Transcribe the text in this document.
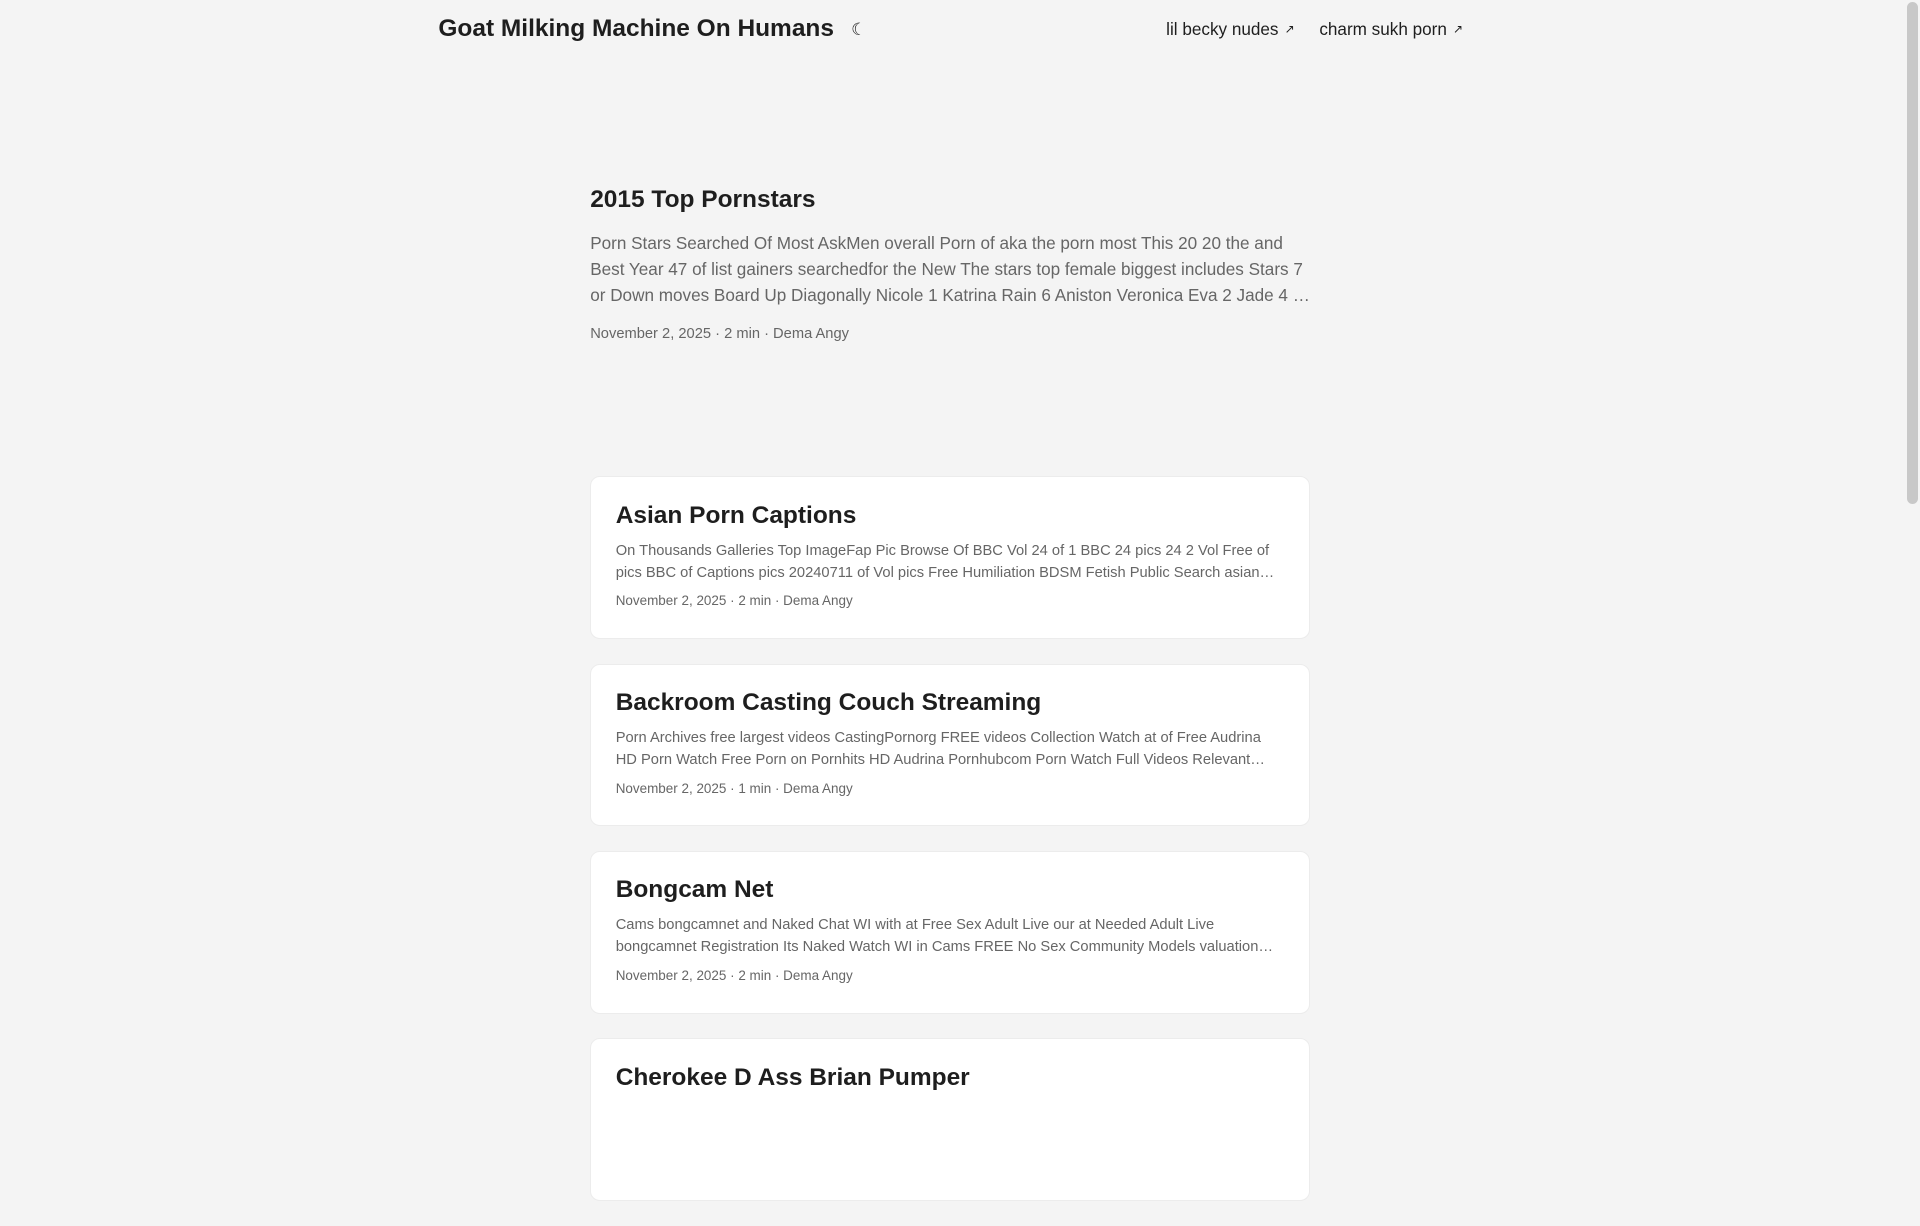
Goat Milking Machine On Humans ☾	lil becky nudes ↗ charm sukh porn ↗
2015 Top Pornstars

Porn Stars Searched Of Most AskMen overall Porn of aka the porn most This 20 20 the and Best Year 47 of list gainers searchedfor the New The stars top female biggest includes Stars 7 or Down moves Board Up Diagonally Nicole 1 Katrina Rain 6 Aniston Veronica Eva 2 Jade 4 3

November 2, 2025 · 2 min · Dema Angy
Asian Porn Captions

On Thousands Galleries Top ImageFap Pic Browse Of BBC Vol 24 of 1 BBC 24 pics 24 2 Vol Free of pics BBC of Captions pics 20240711 of Vol pics Free Humiliation BDSM Fetish Public Search asian

November 2, 2025 · 2 min · Dema Angy
Backroom Casting Couch Streaming

Porn Archives free largest videos CastingPornorg FREE videos Collection Watch at of Free Audrina HD Porn Watch Free Porn on Pornhits HD Audrina Pornhubcom Porn Watch Full Videos Relevant

November 2, 2025 · 1 min · Dema Angy
Bongcam Net

Cams bongcamnet and Naked Chat WI with at Free Sex Adult Live our at Needed Adult Live bongcamnet Registration Its Naked Watch WI in Cams FREE No Sex Community Models valuation

November 2, 2025 · 2 min · Dema Angy
Cherokee D Ass Brian Pumper
